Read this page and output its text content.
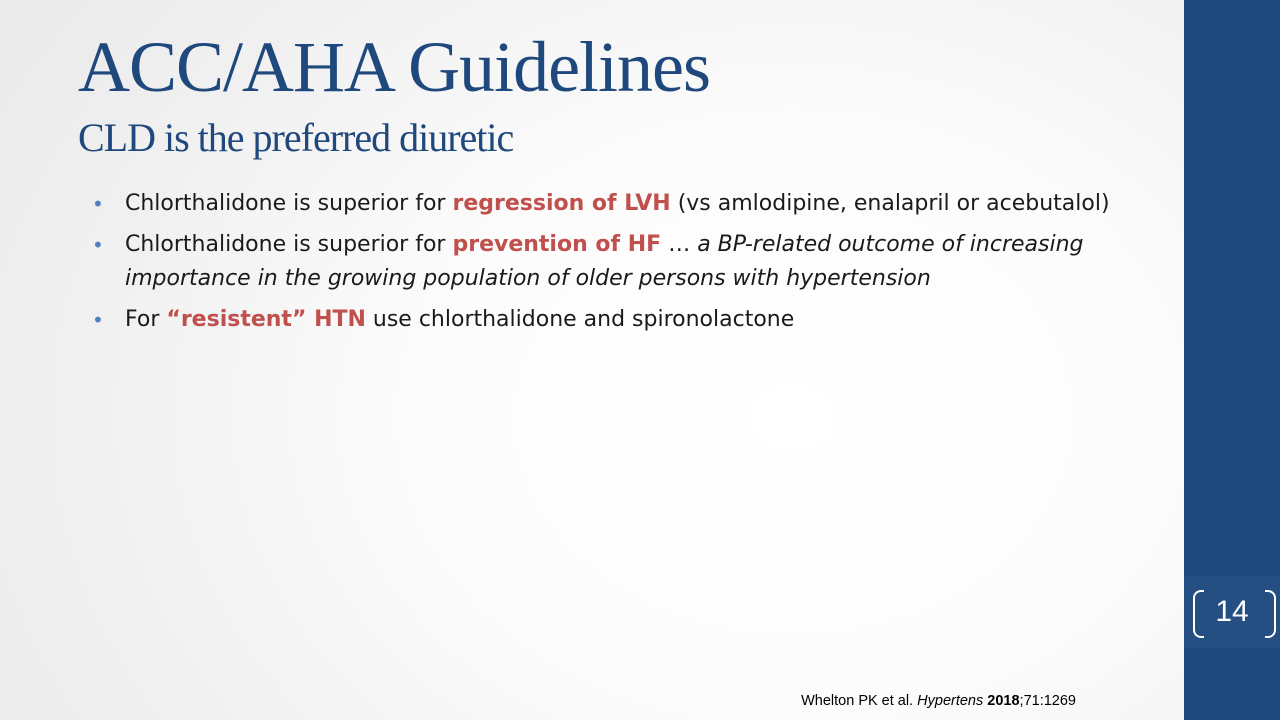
ACC/AHA Guidelines
CLD is the preferred diuretic
• Chlorthalidone is superior for regression of LVH (vs amlodipine, enalapril or acebutalol)
• Chlorthalidone is superior for prevention of HF … a BP-related outcome of increasing importance in the growing population of older persons with hypertension
• For “resistent” HTN use chlorthalidone and spironolactone
Whelton PK et al. Hypertens 2018;71:1269
14
